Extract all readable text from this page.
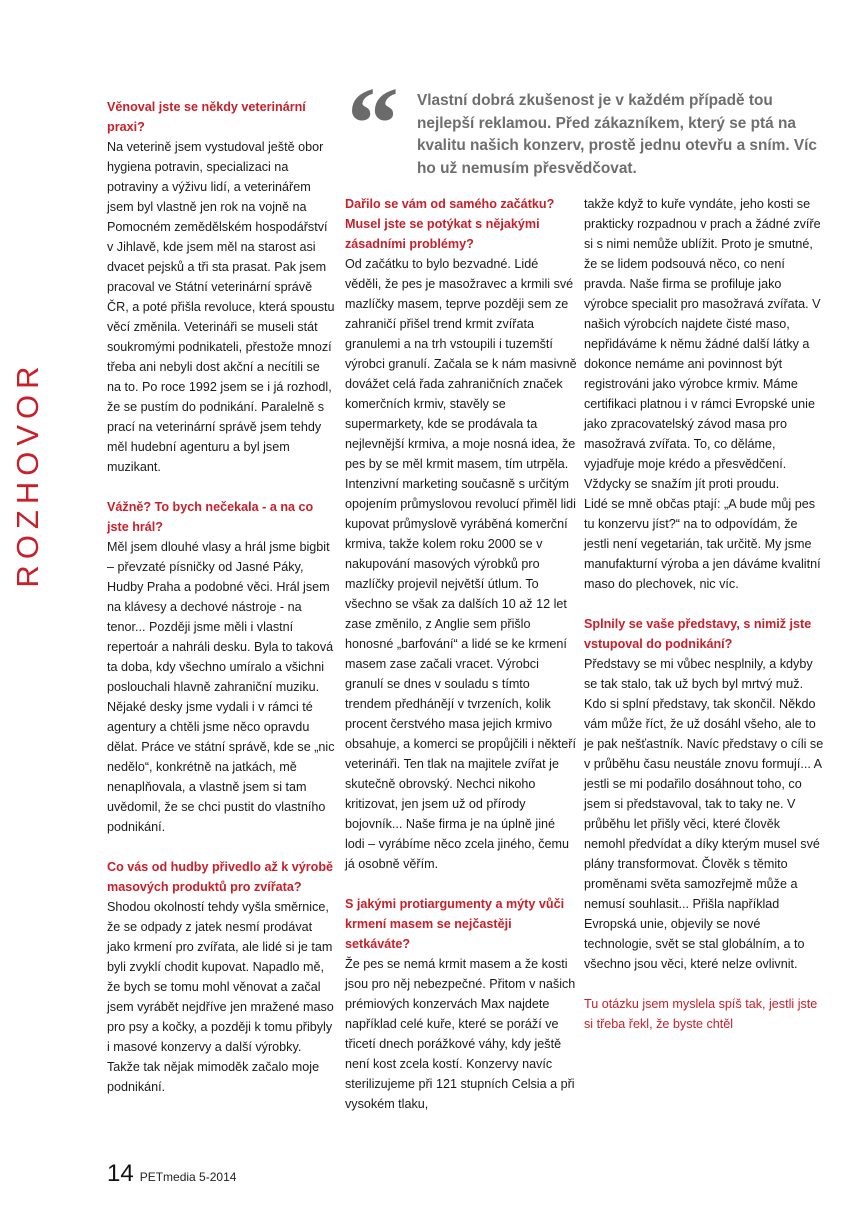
ROZHOVOR
“ Vlastní dobrá zkušenost je v každém případě tou nejlepší reklamou. Před zákazníkem, který se ptá na kvalitu našich konzerv, prostě jednu otevřu a sním. Víc ho už nemusím přesvědčovat.

Věnoval jste se někdy veterinární praxi?

Na veterině jsem vystudoval ještě obor hygiena potravin, specializaci na potraviny a výživu lidí, a veterinářem jsem byl vlastně jen rok na vojně na Pomocném zemědělském hospodářství v Jihlavě, kde jsem měl na starost asi dvacet pejsků a tři sta prasat. Pak jsem pracoval ve Státní veterinární správě ČR, a poté přišla revoluce, která spoustu věcí změnila. Veterináři se museli stát soukromými podnikateli, přestože mnozí třeba ani nebyli dost akční a necítili se na to. Po roce 1992 jsem se i já rozhodl, že se pustím do podnikání. Paralelně s prací na veterinární správě jsem tehdy měl hudební agenturu a byl jsem muzikant.

Vážně? To bych nečekala - a na co jste hrál?

Měl jsem dlouhé vlasy a hrál jsme bigbit – převzaté písničky od Jasné Páky, Hudby Praha a podobné věci. Hrál jsem na klávesy a dechové nástroje - na tenor... Později jsme měli i vlastní repertoár a nahráli desku. Byla to taková ta doba, kdy všechno umíralo a všichni poslouchali hlavně zahraniční muziku. Nějaké desky jsme vydali i v rámci té agentury a chtěli jsme něco opravdu dělat. Práce ve státní správě, kde se „nic nedělo“, konkrétně na jatkách, mě nenaplňovala, a vlastně jsem si tam uvědomil, že se chci pustit do vlastního podnikání.

Co vás od hudby přivedlo až k výrobě masových produktů pro zvířata?

Shodou okolností tehdy vyšla směrnice, že se odpady z jatek nesmí prodávat jako krmení pro zvířata, ale lidé si je tam byli zvyklí chodit kupovat. Napadlo mě, že bych se tomu mohl věnovat a začal jsem vyrábět nejdříve jen mražené maso pro psy a kočky, a později k tomu přibyly i masové konzervy a další výrobky. Takže tak nějak mimoděk začalo moje podnikání.

Dařilo se vám od samého začátku? Musel jste se potýkat s nějakými zásadními problémy?

Od začátku to bylo bezvadné. Lidé věděli, že pes je masožravec a krmili své mazlíčky masem, teprve později sem ze zahraničí přišel trend krmit zvířata granulemi a na trh vstoupili i tuzemští výrobci granulí. Začala se k nám masivně dovážet celá řada zahraničních značek komerčních krmiv, stavěly se supermarkety, kde se prodávala ta nejlevnější krmiva, a moje nosná idea, že pes by se měl krmit masem, tím utrpěla. Intenzivní marketing současně s určitým opojením průmyslovou revolucí přiměl lidi kupovat průmyslově vyráběná komerční krmiva, takže kolem roku 2000 se v nakupování masových výrobků pro mazlíčky projevil největší útlum. To všechno se však za dalších 10 až 12 let zase změnilo, z Anglie sem přišlo honosné „barfování“ a lidé se ke krmení masem zase začali vracet. Výrobci granulí se dnes v souladu s tímto trendem předhánějí v tvrzeních, kolik procent čerstvého masa jejich krmivo obsahuje, a komerci se propůjčili i někteří veterináři. Ten tlak na majitele zvířat je skutečně obrovský. Nechci nikoho kritizovat, jen jsem už od přírody bojovník... Naše firma je na úplně jiné lodi – vyrábíme něco zcela jiného, čemu já osobně věřím.

S jakými protiargumenty a mýty vůči krmení masem se nejčastěji setkáváte?

Že pes se nemá krmit masem a že kosti jsou pro něj nebezpečné. Přitom v našich prémiových konzervách Max najdete například celé kuře, které se poráží ve třicetí dnech porážkové váhy, kdy ještě není kost zcela kostí. Konzervy navíc sterilizujeme při 121 stupních Celsia a při vysokém tlaku,

takže když to kuře vyndáte, jeho kosti se prakticky rozpadnou v prach a žádné zvíře si s nimi nemůže ublížit. Proto je smutné, že se lidem podsouvá něco, co není pravda. Naše firma se profiluje jako výrobce specialit pro masožravá zvířata. V našich výrobcích najdete čisté maso, nepřidáváme k němu žádné další látky a dokonce nemáme ani povinnost být registrováni jako výrobce krmiv. Máme certifikaci platnou i v rámci Evropské unie jako zpracovatelský závod masa pro masožravá zvířata. To, co děláme, vyjadřuje moje krédo a přesvědčení. Vždycky se snažím jít proti proudu.

Lidé se mně občas ptají: „A bude můj pes tu konzervu jíst?“ na to odpovídám, že jestli není vegetarián, tak určitě. My jsme manufakturní výroba a jen dáváme kvalitní maso do plechovek, nic víc.

Splnily se vaše představy, s nimiž jste vstupoval do podnikání?

Představy se mi vůbec nesplnily, a kdyby se tak stalo, tak už bych byl mrtvý muž. Kdo si splní představy, tak skončil. Někdo vám může říct, že už dosáhl všeho, ale to je pak nešťastník. Navíc představy o cíli se v průběhu času neustále znovu formují... A jestli se mi podařilo dosáhnout toho, co jsem si představoval, tak to taky ne. V průběhu let přišly věci, které člověk nemohl předvídat a díky kterým musel své plány transformovat. Člověk s těmito proměnami světa samozřejmě může a nemusí souhlasit... Přišla například Evropská unie, objevily se nové technologie, svět se stal globálním, a to všechno jsou věci, které nelze ovlivnit.

Tu otázku jsem myslela spíš tak, jestli jste si třeba řekl, že byste chtěl

14 PETmedia 5-2014
